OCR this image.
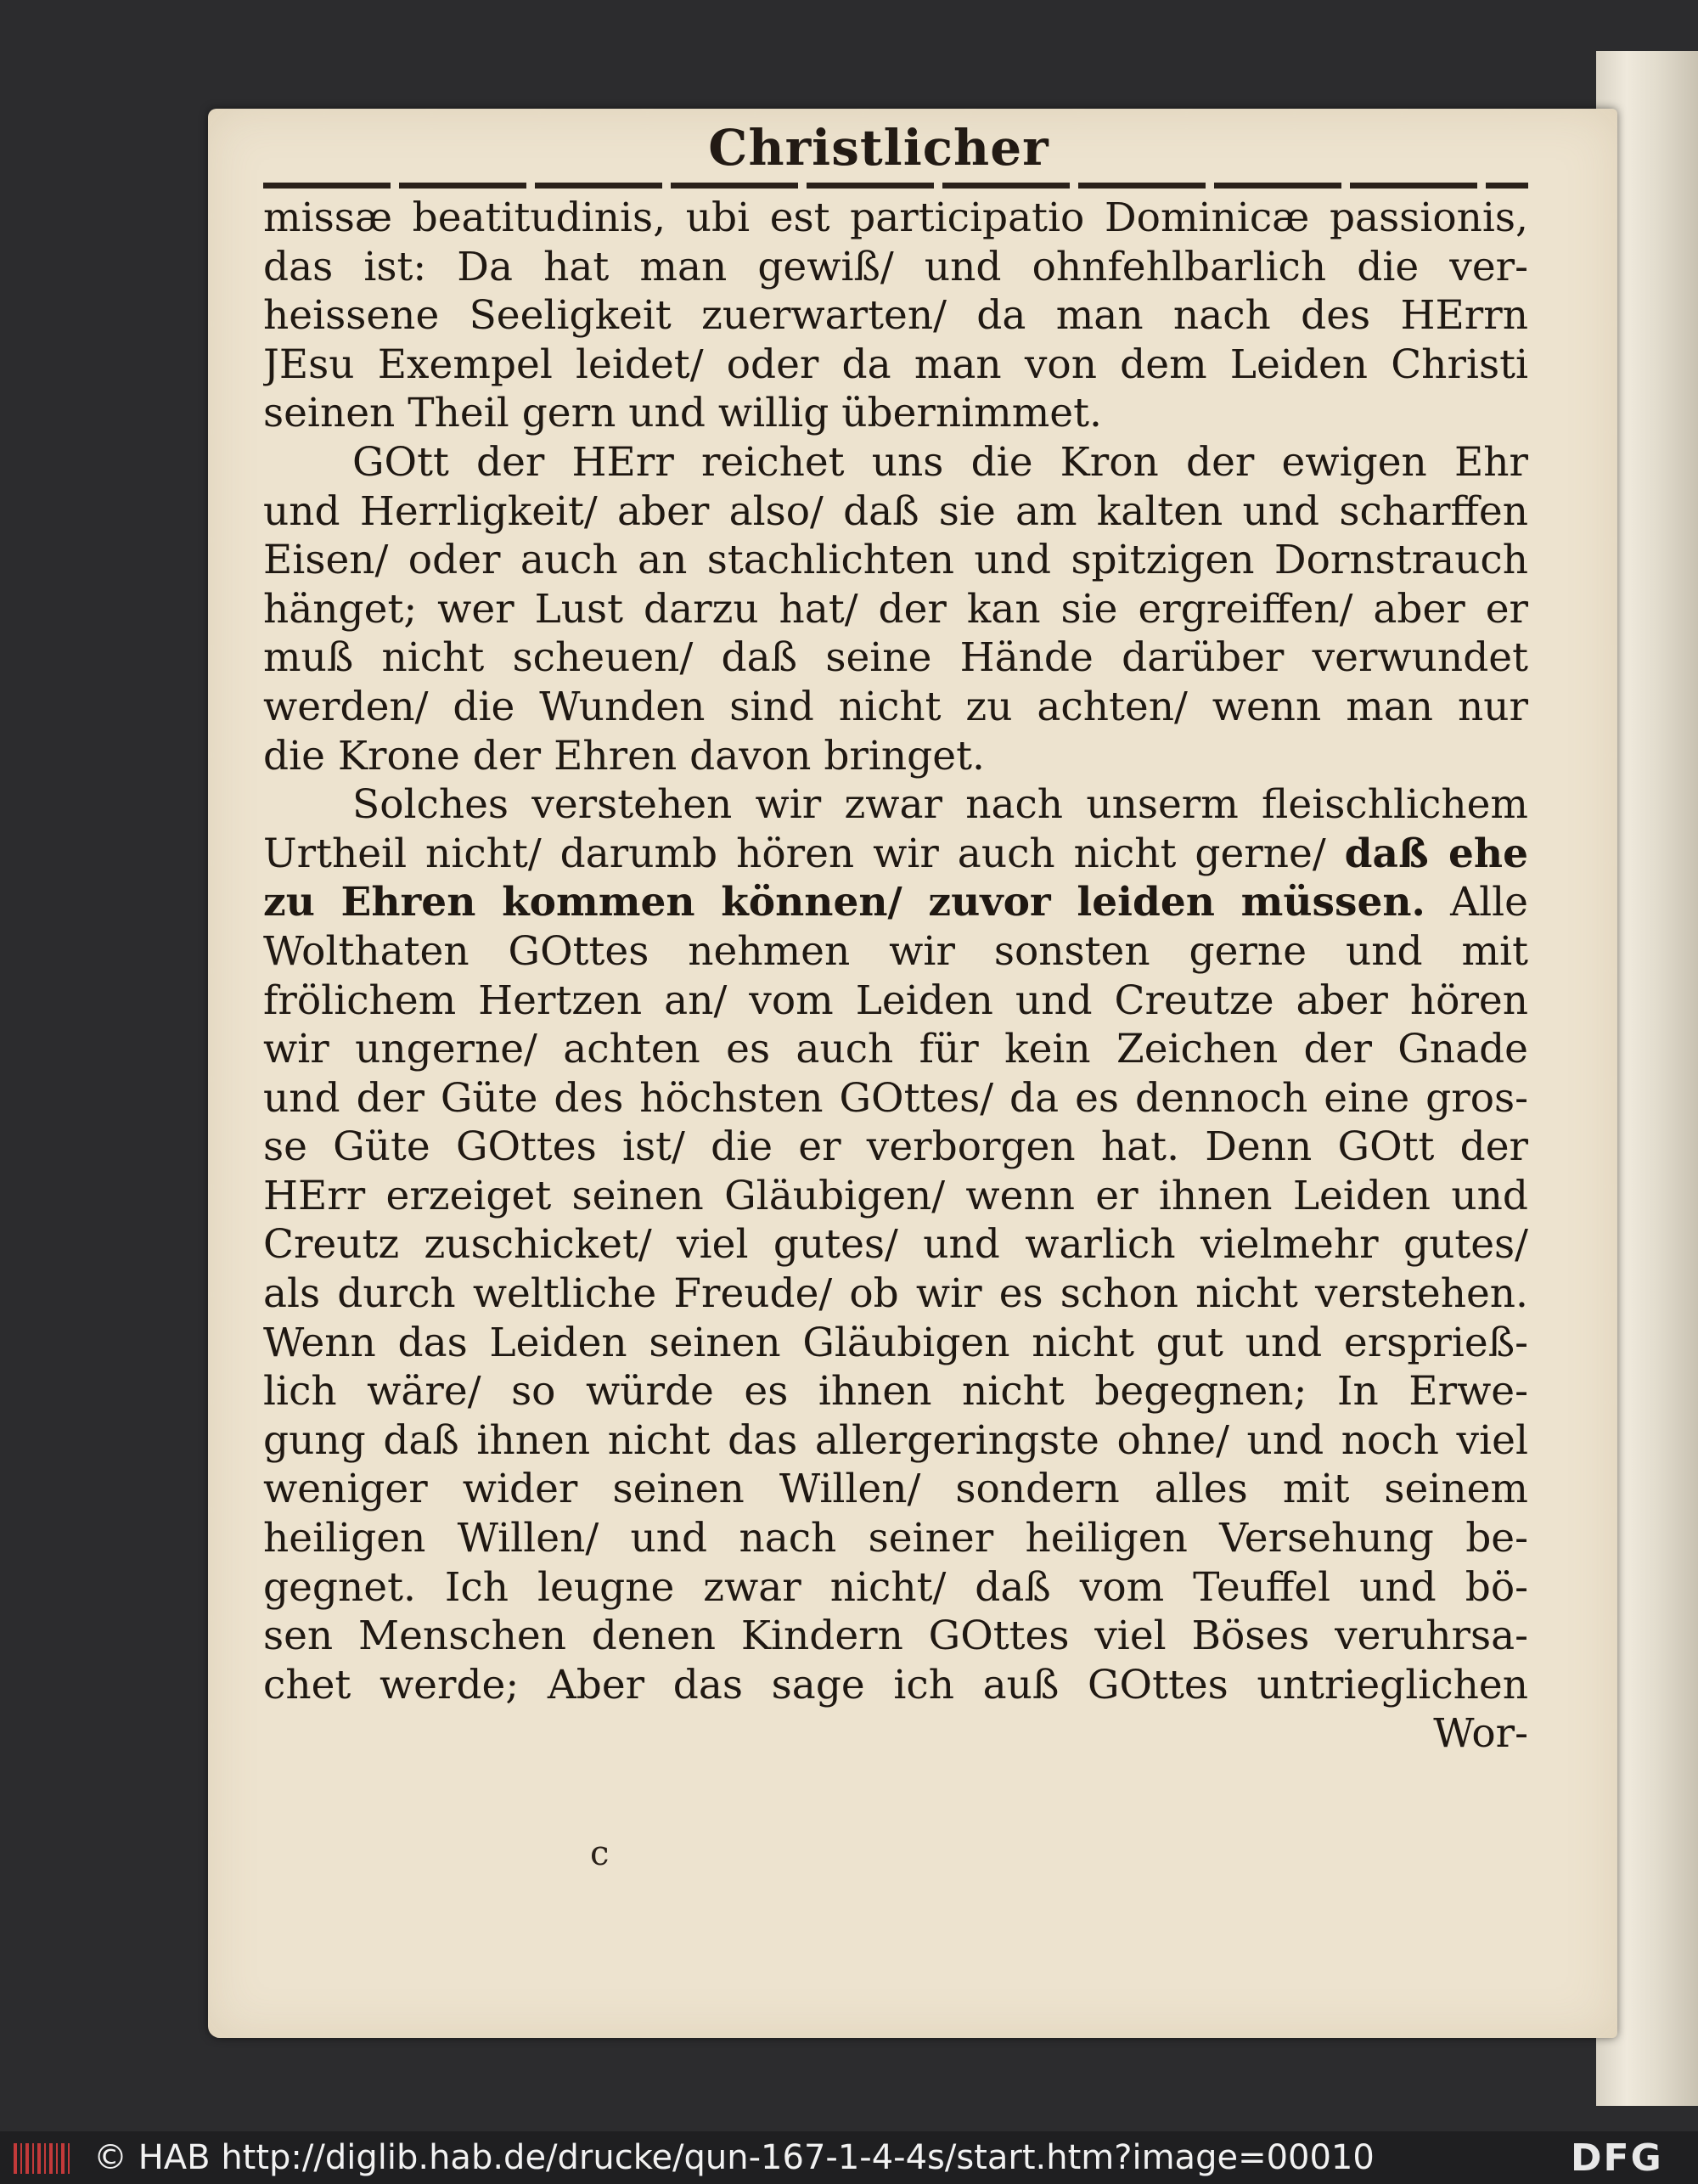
Christlicher
missæ beatitudinis, ubi est participatio Dominicæ passionis,
das ist: Da hat man gewiß/ und ohnfehlbarlich die ver-
heissene Seeligkeit zuerwarten/ da man nach des HErrn
JEsu Exempel leidet/ oder da man von dem Leiden Christi
seinen Theil gern und willig übernimmet.
GOtt der HErr reichet uns die Kron der ewigen Ehr
und Herrligkeit/ aber also/ daß sie am kalten und scharffen
Eisen/ oder auch an stachlichten und spitzigen Dornstrauch
hänget; wer Lust darzu hat/ der kan sie ergreiffen/ aber er
muß nicht scheuen/ daß seine Hände darüber verwundet
werden/ die Wunden sind nicht zu achten/ wenn man nur
die Krone der Ehren davon bringet.
Solches verstehen wir zwar nach unserm fleischlichem
Urtheil nicht/ darumb hören wir auch nicht gerne/ daß ehe
zu Ehren kommen können/ zuvor leiden müssen. Alle
Wolthaten GOttes nehmen wir sonsten gerne und mit
frölichem Hertzen an/ vom Leiden und Creutze aber hören
wir ungerne/ achten es auch für kein Zeichen der Gnade
und der Güte des höchsten GOttes/ da es dennoch eine gros-
se Güte GOttes ist/ die er verborgen hat. Denn GOtt der
HErr erzeiget seinen Gläubigen/ wenn er ihnen Leiden und
Creutz zuschicket/ viel gutes/ und warlich vielmehr gutes/
als durch weltliche Freude/ ob wir es schon nicht verstehen.
Wenn das Leiden seinen Gläubigen nicht gut und ersprieß-
lich wäre/ so würde es ihnen nicht begegnen; In Erwe-
gung daß ihnen nicht das allergeringste ohne/ und noch viel
weniger wider seinen Willen/ sondern alles mit seinem
heiligen Willen/ und nach seiner heiligen Versehung be-
gegnet. Ich leugne zwar nicht/ daß vom Teuffel und bö-
sen Menschen denen Kindern GOttes viel Böses veruhrsa-
chet werde; Aber das sage ich auß GOttes untrieglichen
Wor-
c
© HAB http://diglib.hab.de/drucke/qun-167-1-4-4s/start.htm?image=00010	DFG
